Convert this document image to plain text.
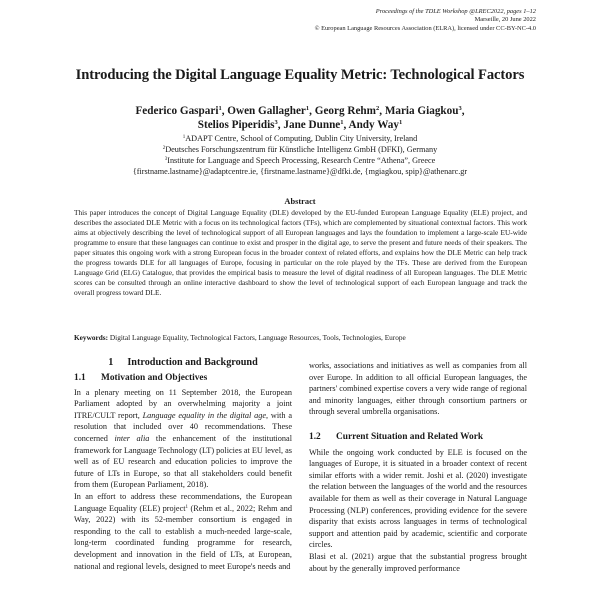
Proceedings of the TDLE Workshop @LREC2022, pages 1–12
Marseille, 20 June 2022
© European Language Resources Association (ELRA), licensed under CC-BY-NC-4.0
Introducing the Digital Language Equality Metric: Technological Factors
Federico Gaspari$^1$, Owen Gallagher$^1$, Georg Rehm$^2$, Maria Giagkou$^3$,
Stelios Piperidis$^3$, Jane Dunne$^1$, Andy Way$^1$
$^1$ADAPT Centre, School of Computing, Dublin City University, Ireland
$^2$Deutsches Forschungszentrum für Künstliche Intelligenz GmbH (DFKI), Germany
$^3$Institute for Language and Speech Processing, Research Centre “Athena”, Greece
{firstname.lastname}@adaptcentre.ie, {firstname.lastname}@dfki.de, {mgiagkou, spip}@athenarc.gr
Abstract
This paper introduces the concept of Digital Language Equality (DLE) developed by the EU-funded European Language Equality (ELE) project, and describes the associated DLE Metric with a focus on its technological factors (TFs), which are complemented by situational contextual factors. This work aims at objectively describing the level of technological support of all European languages and lays the foundation to implement a large-scale EU-wide programme to ensure that these languages can continue to exist and prosper in the digital age, to serve the present and future needs of their speakers. The paper situates this ongoing work with a strong European focus in the broader context of related efforts, and explains how the DLE Metric can help track the progress towards DLE for all languages of Europe, focusing in particular on the role played by the TFs. These are derived from the European Language Grid (ELG) Catalogue, that provides the empirical basis to measure the level of digital readiness of all European languages. The DLE Metric scores can be consulted through an online interactive dashboard to show the level of technological support of each European language and track the overall progress toward DLE.
Keywords: Digital Language Equality, Technological Factors, Language Resources, Tools, Technologies, Europe
1 Introduction and Background
1.1 Motivation and Objectives

In a plenary meeting on 11 September 2018, the European Parliament adopted by an overwhelming majority a joint ITRE/CULT report, Language equality in the digital age, with a resolution that included over 40 recommendations. These concerned inter alia the enhancement of the institutional framework for Language Technology (LT) policies at EU level, as well as of EU research and education policies to improve the future of LTs in Europe, so that all stakeholders could benefit from them (European Parliament, 2018).

In an effort to address these recommendations, the European Language Equality (ELE) project$^1$ (Rehm et al., 2022; Rehm and Way, 2022) with its 52-member consortium is engaged in responding to the call to establish a much-needed large-scale, long-term coordinated funding programme for research, development and innovation in the field of LTs, at European, national and regional levels, designed to meet Europe's needs and

works, associations and initiatives as well as companies from all over Europe. In addition to all official European languages, the partners' combined expertise covers a very wide range of regional and minority languages, either through consortium partners or through several umbrella organisations.

1.2 Current Situation and Related Work

While the ongoing work conducted by ELE is focused on the languages of Europe, it is situated in a broader context of recent similar efforts with a wider remit. Joshi et al. (2020) investigate the relation between the languages of the world and the resources available for them as well as their coverage in Natural Language Processing (NLP) conferences, providing evidence for the severe disparity that exists across languages in terms of technological support and attention paid by academic, scientific and corporate circles.

Blasi et al. (2021) argue that the substantial progress brought about by the generally improved performance
